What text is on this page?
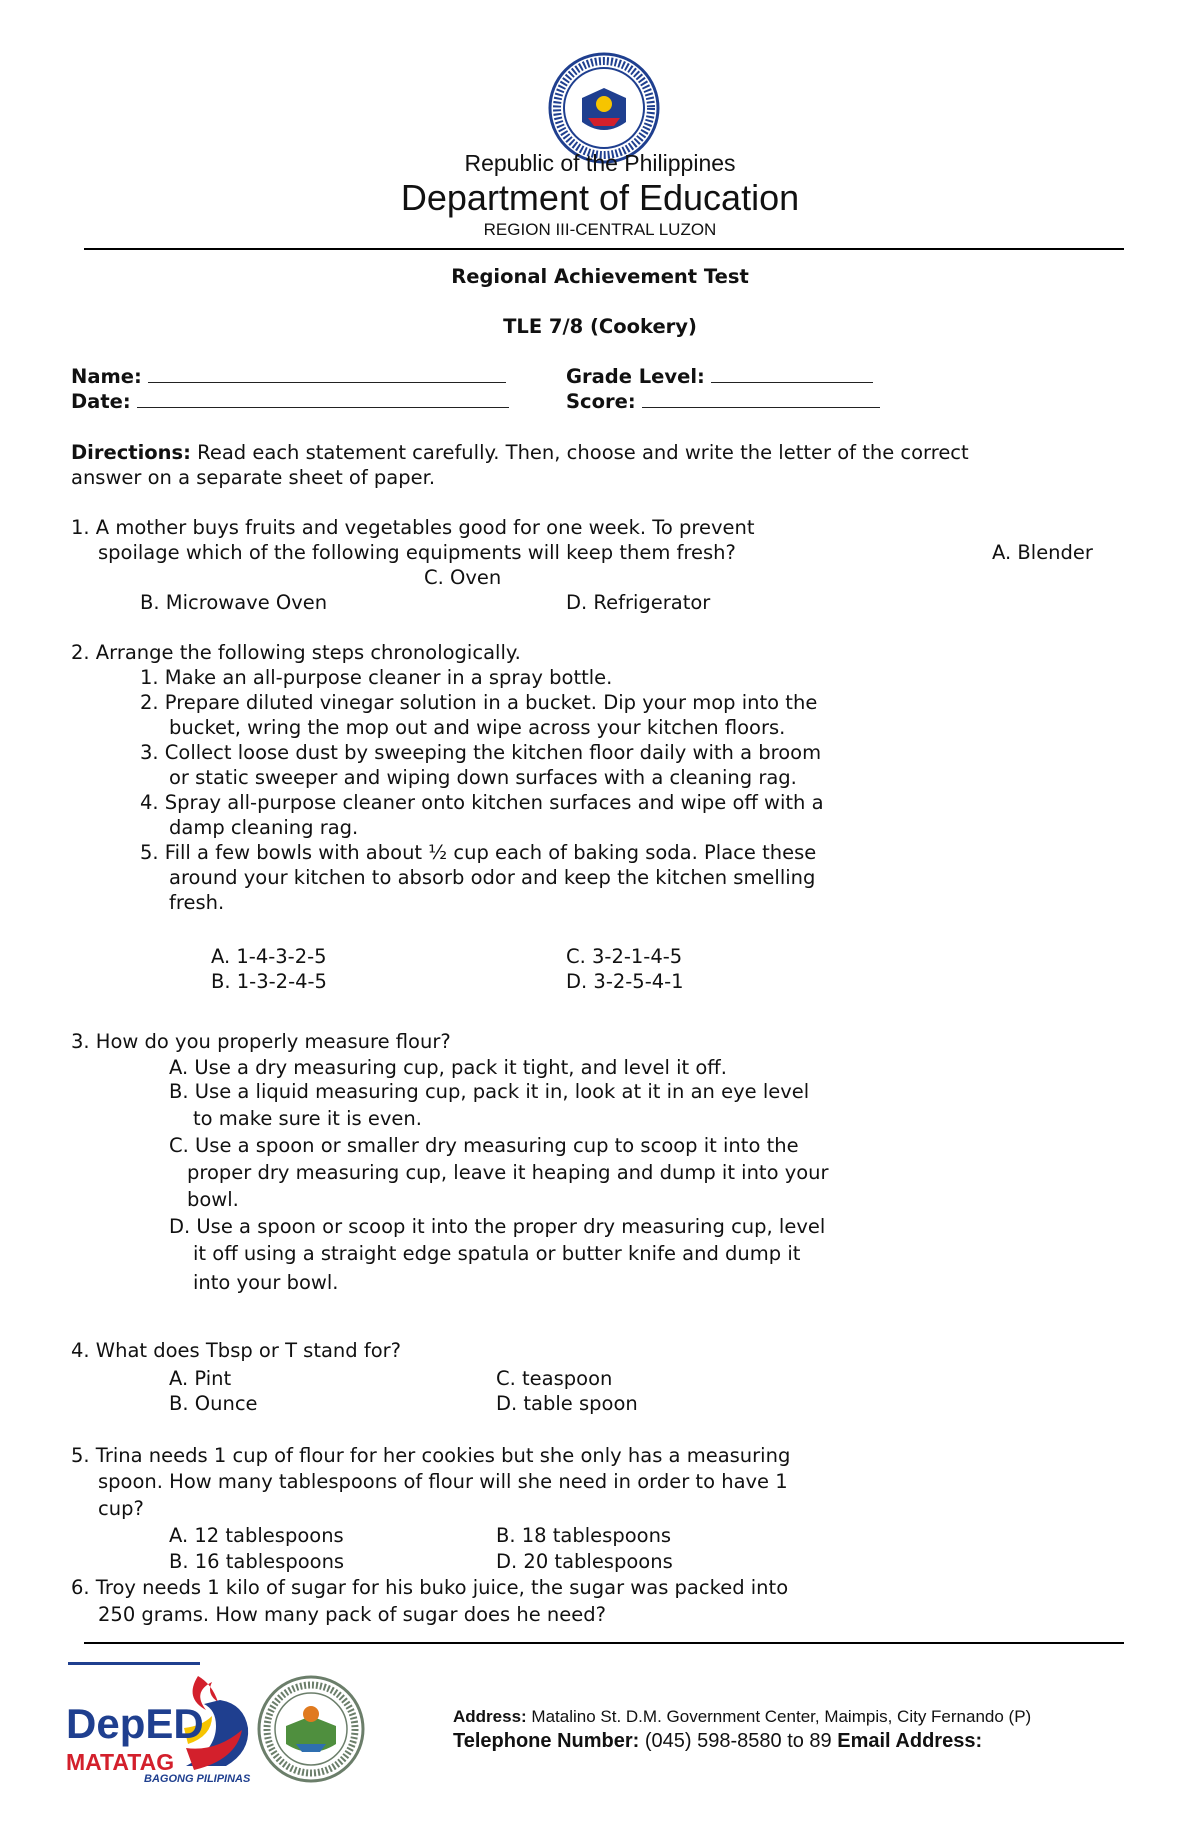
Republic of the Philippines
Department of Education
REGION III-CENTRAL LUZON
Regional Achievement Test
TLE 7/8 (Cookery)
Name:
Date:
Grade Level:
Score:
Directions: Read each statement carefully. Then, choose and write the letter of the correct
answer on a separate sheet of paper.
1. A mother buys fruits and vegetables good for one week. To prevent
spoilage which of the following equipments will keep them fresh?	A. Blender
C. Oven
B. Microwave Oven	D. Refrigerator
2. Arrange the following steps chronologically.
1. Make an all-purpose cleaner in a spray bottle.
2. Prepare diluted vinegar solution in a bucket. Dip your mop into the
bucket, wring the mop out and wipe across your kitchen floors.
3. Collect loose dust by sweeping the kitchen floor daily with a broom
or static sweeper and wiping down surfaces with a cleaning rag.
4. Spray all-purpose cleaner onto kitchen surfaces and wipe off with a
damp cleaning rag.
5. Fill a few bowls with about ½ cup each of baking soda. Place these
around your kitchen to absorb odor and keep the kitchen smelling
fresh.
A. 1-4-3-2-5	C. 3-2-1-4-5
B. 1-3-2-4-5	D. 3-2-5-4-1
3. How do you properly measure flour?
A. Use a dry measuring cup, pack it tight, and level it off.
B. Use a liquid measuring cup, pack it in, look at it in an eye level
to make sure it is even.
C. Use a spoon or smaller dry measuring cup to scoop it into the
proper dry measuring cup, leave it heaping and dump it into your
bowl.
D. Use a spoon or scoop it into the proper dry measuring cup, level
it off using a straight edge spatula or butter knife and dump it
into your bowl.
4. What does Tbsp or T stand for?
A. Pint	C. teaspoon
B. Ounce	D. table spoon
5. Trina needs 1 cup of flour for her cookies but she only has a measuring
spoon. How many tablespoons of flour will she need in order to have 1
cup?
A. 12 tablespoons	B. 18 tablespoons
B. 16 tablespoons	D. 20 tablespoons
6. Troy needs 1 kilo of sugar for his buko juice, the sugar was packed into
250 grams. How many pack of sugar does he need?
DepED
MATATAG
BAGONG PILIPINAS
Address: Matalino St. D.M. Government Center, Maimpis, City Fernando (P)
Telephone Number: (045) 598-8580 to 89 Email Address:
